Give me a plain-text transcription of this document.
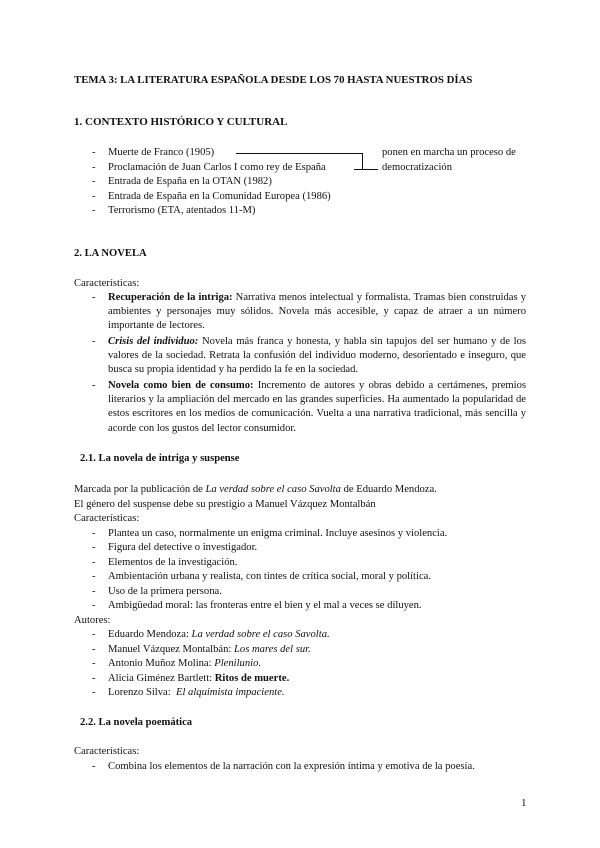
TEMA 3: LA LITERATURA ESPAÑOLA DESDE LOS 70 HASTA NUESTROS DÍAS
1. CONTEXTO HISTÓRICO Y CULTURAL
- Muerte de Franco (1905)
- Proclamación de Juan Carlos I como rey de España
- Entrada de España en la OTAN (1982)
- Entrada de España en la Comunidad Europea (1986)
- Terrorismo (ETA, atentados 11-M)
ponen en marcha un proceso de
democratización
2. LA NOVELA
Características:
- Recuperación de la intriga: Narrativa menos intelectual y formalista. Tramas bien construidas y ambientes y personajes muy sólidos. Novela más accesible, y capaz de atraer a un número importante de lectores.
- Crisis del individuo: Novela más franca y honesta, y habla sin tapujos del ser humano y de los valores de la sociedad. Retrata la confusión del individuo moderno, desorientado e inseguro, que busca su propia identidad y ha perdido la fe en la sociedad.
- Novela como bien de consumo: Incremento de autores y obras debido a certámenes, premios literarios y la ampliación del mercado en las grandes superficies. Ha aumentado la popularidad de estos escritores en los medios de comunicación. Vuelta a una narrativa tradicional, más sencilla y acorde con los gustos del lector consumidor.
2.1. La novela de intriga y suspense
Marcada por la publicación de La verdad sobre el caso Savolta de Eduardo Mendoza.
El género del suspense debe su prestigio a Manuel Vázquez Montalbán
Características:
- Plantea un caso, normalmente un enigma criminal. Incluye asesinos y violencia.
- Figura del detective o investigador.
- Elementos de la investigación.
- Ambientación urbana y realista, con tintes de crítica social, moral y política.
- Uso de la primera persona.
- Ambigüedad moral: las fronteras entre el bien y el mal a veces se diluyen.
Autores:
- Eduardo Mendoza: La verdad sobre el caso Savolta.
- Manuel Vázquez Montalbán: Los mares del sur.
- Antonio Muñoz Molina: Plenilunio.
- Alicia Giménez Bartlett: Ritos de muerte.
- Lorenzo Silva:  El alquimista impaciente.
2.2. La novela poemática
Características:
- Combina los elementos de la narración con la expresión íntima y emotiva de la poesía.
1
